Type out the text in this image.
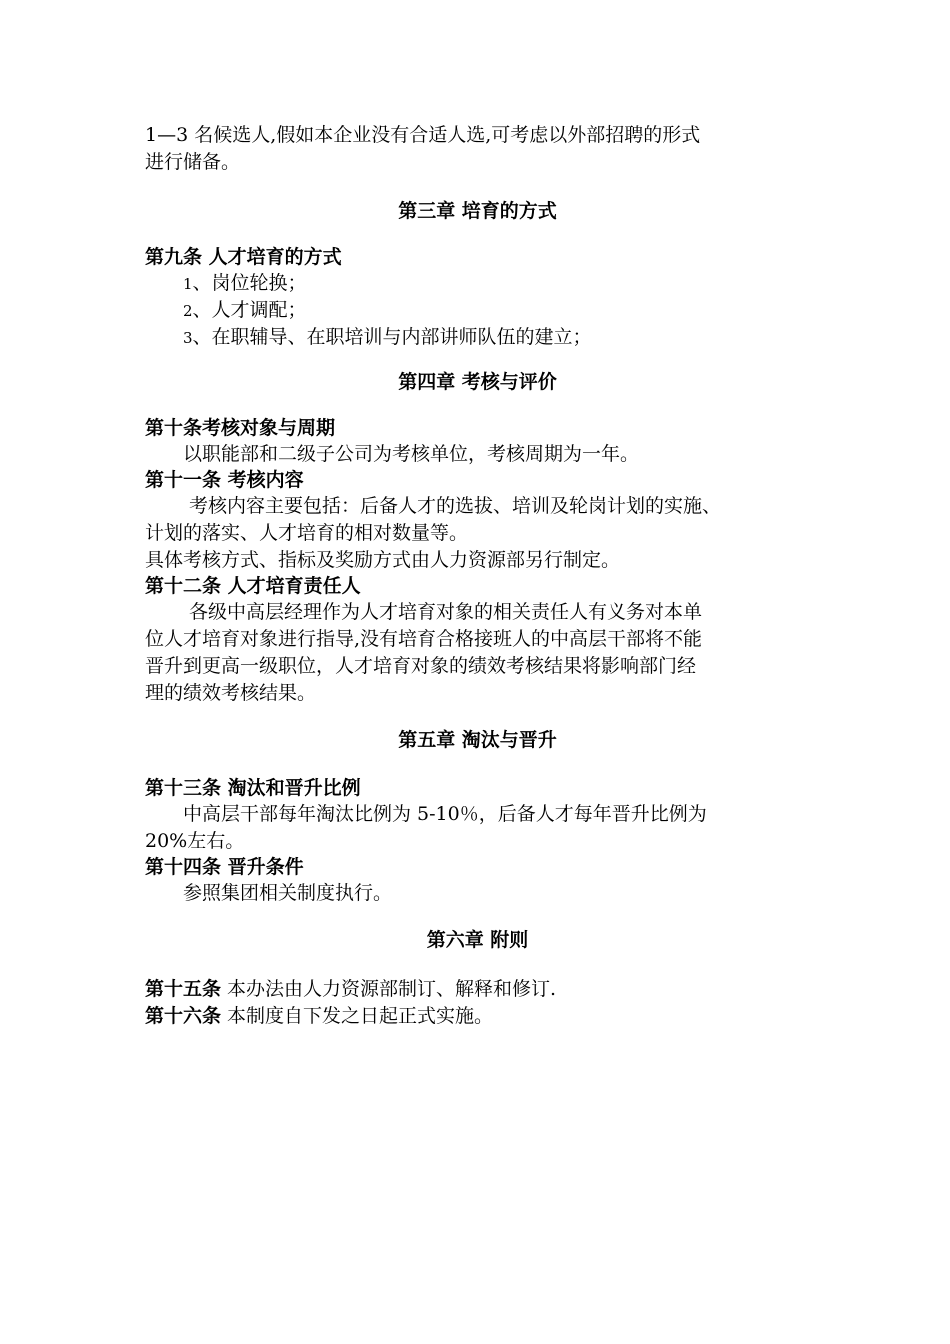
1—3 名候选人,假如本企业没有合适人选,可考虑以外部招聘的形式

进行储备。

第三章 培育的方式

第九条 人才培育的方式

1、岗位轮换；

2、人才调配；

3、在职辅导、在职培训与内部讲师队伍的建立；

第四章 考核与评价

第十条考核对象与周期

以职能部和二级子公司为考核单位，考核周期为一年。

第十一条 考核内容

考核内容主要包括：后备人才的选拔、培训及轮岗计划的实施、

计划的落实、人才培育的相对数量等。

具体考核方式、指标及奖励方式由人力资源部另行制定。

第十二条 人才培育责任人

各级中高层经理作为人才培育对象的相关责任人有义务对本单

位人才培育对象进行指导,没有培育合格接班人的中高层干部将不能

晋升到更高一级职位，人才培育对象的绩效考核结果将影响部门经

理的绩效考核结果。

第五章 淘汰与晋升

第十三条 淘汰和晋升比例

中高层干部每年淘汰比例为 5-10％，后备人才每年晋升比例为

20%左右。

第十四条 晋升条件

参照集团相关制度执行。

第六章 附则

第十五条 本办法由人力资源部制订、解释和修订.

第十六条 本制度自下发之日起正式实施。
